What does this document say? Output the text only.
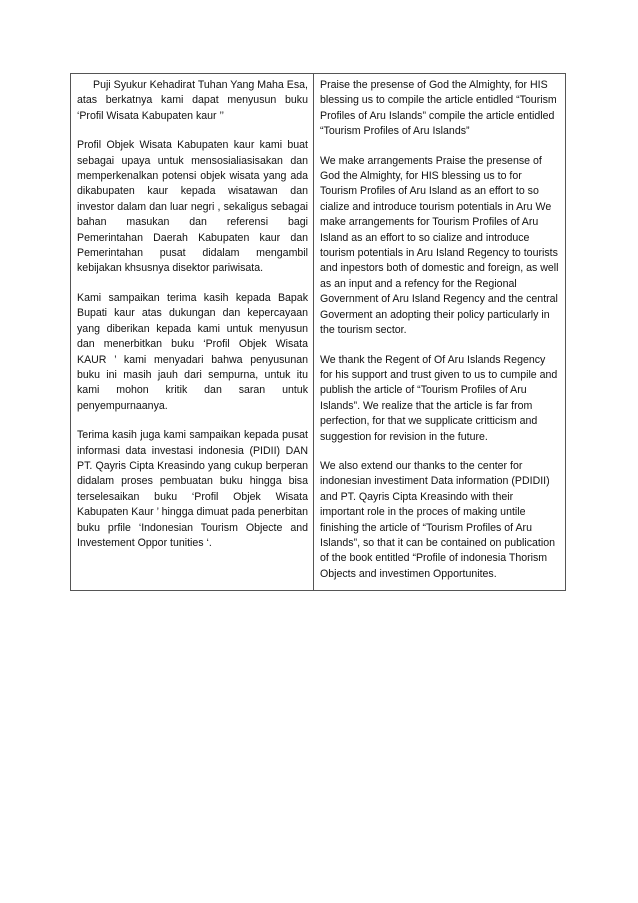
Puji Syukur Kehadirat Tuhan Yang Maha Esa, atas berkatnya kami dapat menyusun buku ‘Profil Wisata Kabupaten kaur ’’

Profil Objek Wisata Kabupaten kaur kami buat sebagai upaya untuk mensosialiasisakan dan memperkenalkan potensi objek wisata yang ada dikabupaten kaur kepada wisatawan dan investor dalam dan luar negri , sekaligus sebagai bahan masukan dan referensi bagi Pemerintahan Daerah Kabupaten kaur dan Pemerintahan pusat didalam mengambil kebijakan khsusnya disektor pariwisata.

Kami sampaikan terima kasih kepada Bapak Bupati kaur atas dukungan dan kepercayaan yang diberikan kepada kami untuk menyusun dan menerbitkan buku ‘Profil Objek Wisata KAUR ’ kami menyadari bahwa penyusunan buku ini masih jauh dari sempurna, untuk itu kami mohon kritik dan saran untuk penyempurnaanya.

Terima kasih juga kami sampaikan kepada pusat informasi data investasi indonesia (PIDII) DAN PT. Qayris Cipta Kreasindo yang cukup berperan didalam proses pembuatan buku hingga bisa terselesaikan buku ‘Profil Objek Wisata Kabupaten Kaur ’ hingga dimuat pada penerbitan buku prfile ‘Indonesian Tourism Objecte and Investement Oppor tunities ‘.

Praise the presense of God the Almighty, for HIS blessing us to compile the article entidled “Tourism Profiles of Aru Islands” compile the article entidled “Tourism Profiles of Aru Islands”

We make arrangements Praise the presense of God the Almighty, for HIS blessing us to for Tourism Profiles of Aru Island as an effort to so cialize and introduce tourism potentials in Aru We make arrangements for Tourism Profiles of Aru Island as an effort to so cialize and introduce tourism potentials in Aru Island Regency to tourists and inpestors both of domestic and foreign, as well as an input and a refency for the Regional Government of Aru Island Regency and the central Goverment an adopting their policy particularly in the tourism sector.

We thank the Regent of Of Aru Islands Regency for his support and trust given to us to cumpile and publish the article of “Tourism Profiles of Aru Islands”. We realize that the article is far from perfection, for that we supplicate critticism and suggestion for revision in the future.

We also extend our thanks to the center for indonesian investiment Data information (PDIDII) and PT. Qayris Cipta Kreasindo with their important role in the proces of making untile finishing the article of “Tourism Profiles of Aru Islands”, so that it can be contained on publication of the book entitled “Profile of indonesia Thorism Objects and investimen Opportunites.
